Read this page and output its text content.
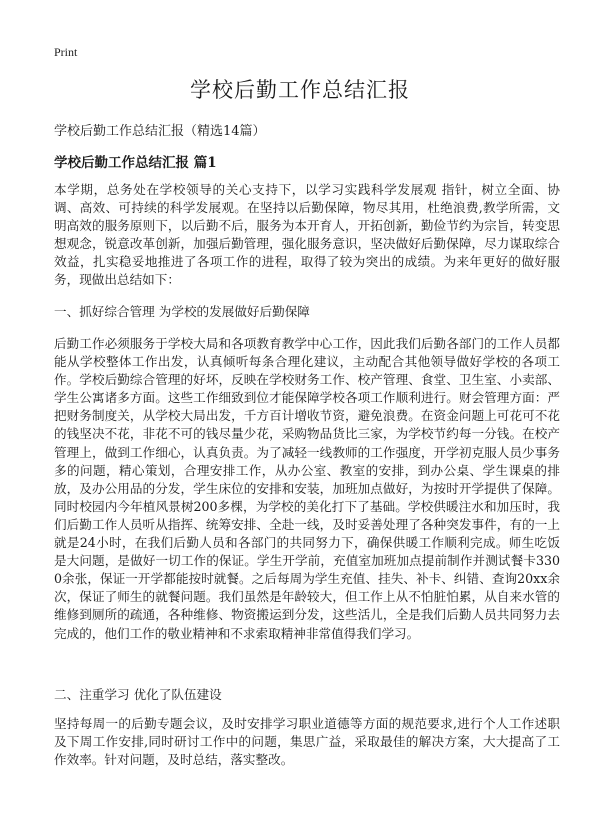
Print
学校后勤工作总结汇报

学校后勤工作总结汇报（精选14篇）

学校后勤工作总结汇报 篇1

本学期，总务处在学校领导的关心支持下，以学习实践科学发展观 指针，树立全面、协调、高效、可持续的科学发展观。在坚持以后勤保障，物尽其用，杜绝浪费,教学所需，文明高效的服务原则下，以后勤不后，服务为本开育人，开拓创新，勤俭节约为宗旨，转变思想观念，锐意改革创新，加强后勤管理，强化服务意识，坚决做好后勤保障，尽力谋取综合效益，扎实稳妥地推进了各项工作的进程，取得了较为突出的成绩。为来年更好的做好服务，现做出总结如下：

一、抓好综合管理 为学校的发展做好后勤保障

后勤工作必须服务于学校大局和各项教育教学中心工作，因此我们后勤各部门的工作人员都能从学校整体工作出发，认真倾听每条合理化建议，主动配合其他领导做好学校的各项工作。学校后勤综合管理的好坏，反映在学校财务工作、校产管理、食堂、卫生室、小卖部、学生公寓诸多方面。这些工作细致到位才能保障学校各项工作顺利进行。财会管理方面：严把财务制度关，从学校大局出发，千方百计增收节资，避免浪费。在资金问题上可花可不花的钱坚决不花，非花不可的钱尽量少花，采购物品货比三家，为学校节约每一分钱。在校产管理上，做到工作细心，认真负责。为了减轻一线教师的工作强度，开学初克服人员少事务多的问题，精心策划，合理安排工作，从办公室、教室的安排，到办公桌、学生课桌的排放，及办公用品的分发，学生床位的安排和安装，加班加点做好，为按时开学提供了保障。同时校园内今年植风景树200多棵，为学校的美化打下了基础。学校供暖注水和加压时，我们后勤工作人员听从指挥、统筹安排、全赴一线，及时妥善处理了各种突发事件，有的一上就是24小时，在我们后勤人员和各部门的共同努力下，确保供暖工作顺利完成。师生吃饭是大问题，是做好一切工作的保证。学生开学前，充值室加班加点提前制作并测试餐卡3300余张，保证一开学都能按时就餐。之后每周为学生充值、挂失、补卡、纠错、查询20xx余次，保证了师生的就餐问题。我们虽然是年龄较大，但工作上从不怕脏怕累，从自来水管的维修到厕所的疏通，各种维修、物资搬运到分发，这些活儿，全是我们后勤人员共同努力去完成的，他们工作的敬业精神和不求索取精神非常值得我们学习。

二、注重学习 优化了队伍建设

坚持每周一的后勤专题会议，及时安排学习职业道德等方面的规范要求,进行个人工作述职及下周工作安排,同时研讨工作中的问题，集思广益，采取最佳的解决方案，大大提高了工作效率。针对问题，及时总结，落实整改。
